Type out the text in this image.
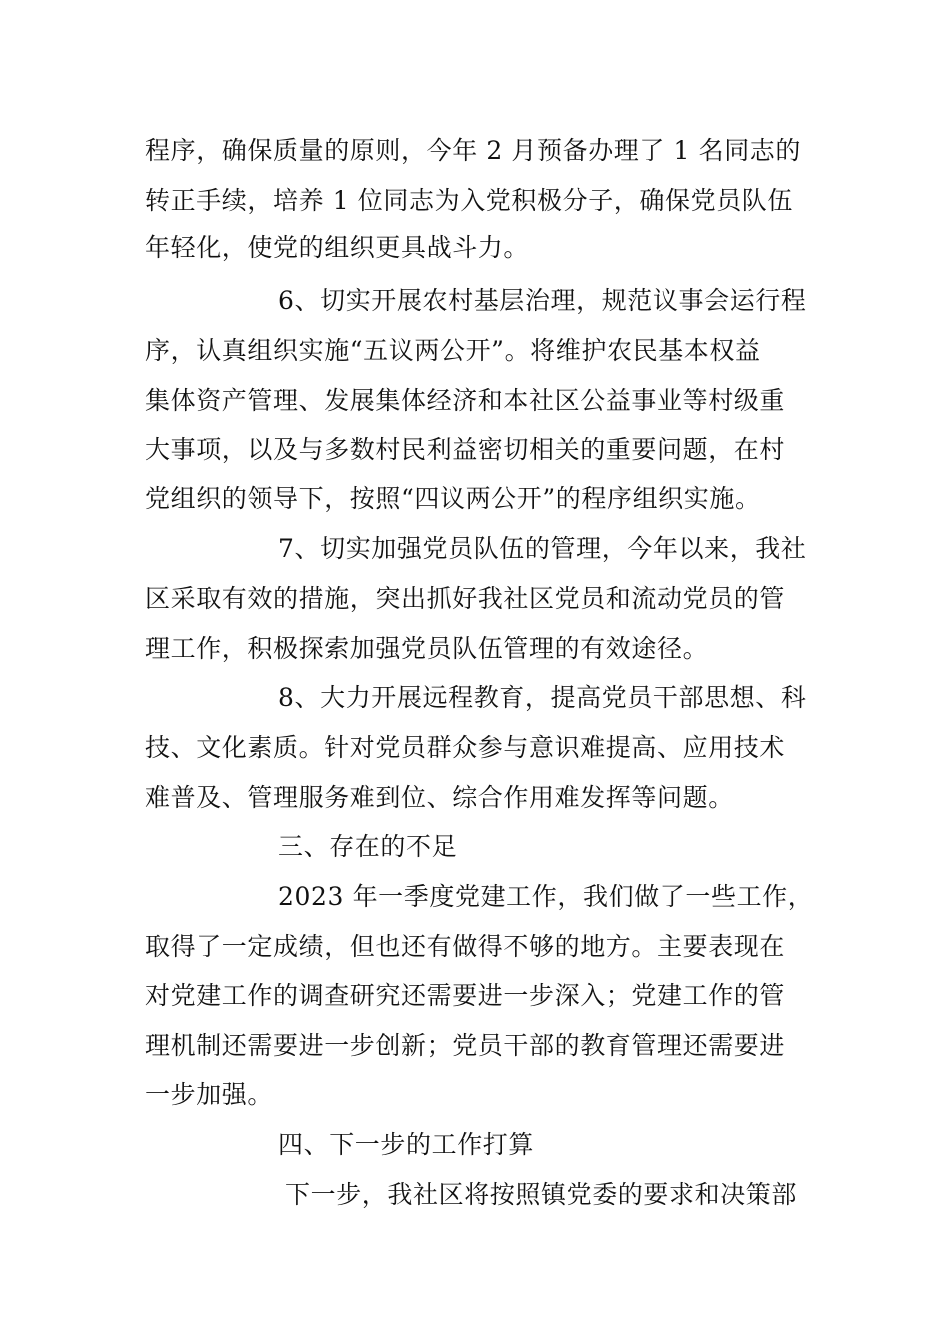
程序，确保质量的原则，今年 2 月预备办理了 1 名同志的
转正手续，培养 1 位同志为入党积极分子，确保党员队伍
年轻化，使党的组织更具战斗力。
6、切实开展农村基层治理，规范议事会运行程
序，认真组织实施“五议两公开”。将维护农民基本权益
集体资产管理、发展集体经济和本社区公益事业等村级重
大事项，以及与多数村民利益密切相关的重要问题，在村
党组织的领导下，按照“四议两公开”的程序组织实施。
7、切实加强党员队伍的管理，今年以来，我社
区采取有效的措施，突出抓好我社区党员和流动党员的管
理工作，积极探索加强党员队伍管理的有效途径。
8、大力开展远程教育，提高党员干部思想、科
技、文化素质。针对党员群众参与意识难提高、应用技术
难普及、管理服务难到位、综合作用难发挥等问题。
三、存在的不足
2023 年一季度党建工作，我们做了一些工作，
取得了一定成绩，但也还有做得不够的地方。主要表现在
对党建工作的调查研究还需要进一步深入；党建工作的管
理机制还需要进一步创新；党员干部的教育管理还需要进
一步加强。
四、下一步的工作打算
下一步，我社区将按照镇党委的要求和决策部
